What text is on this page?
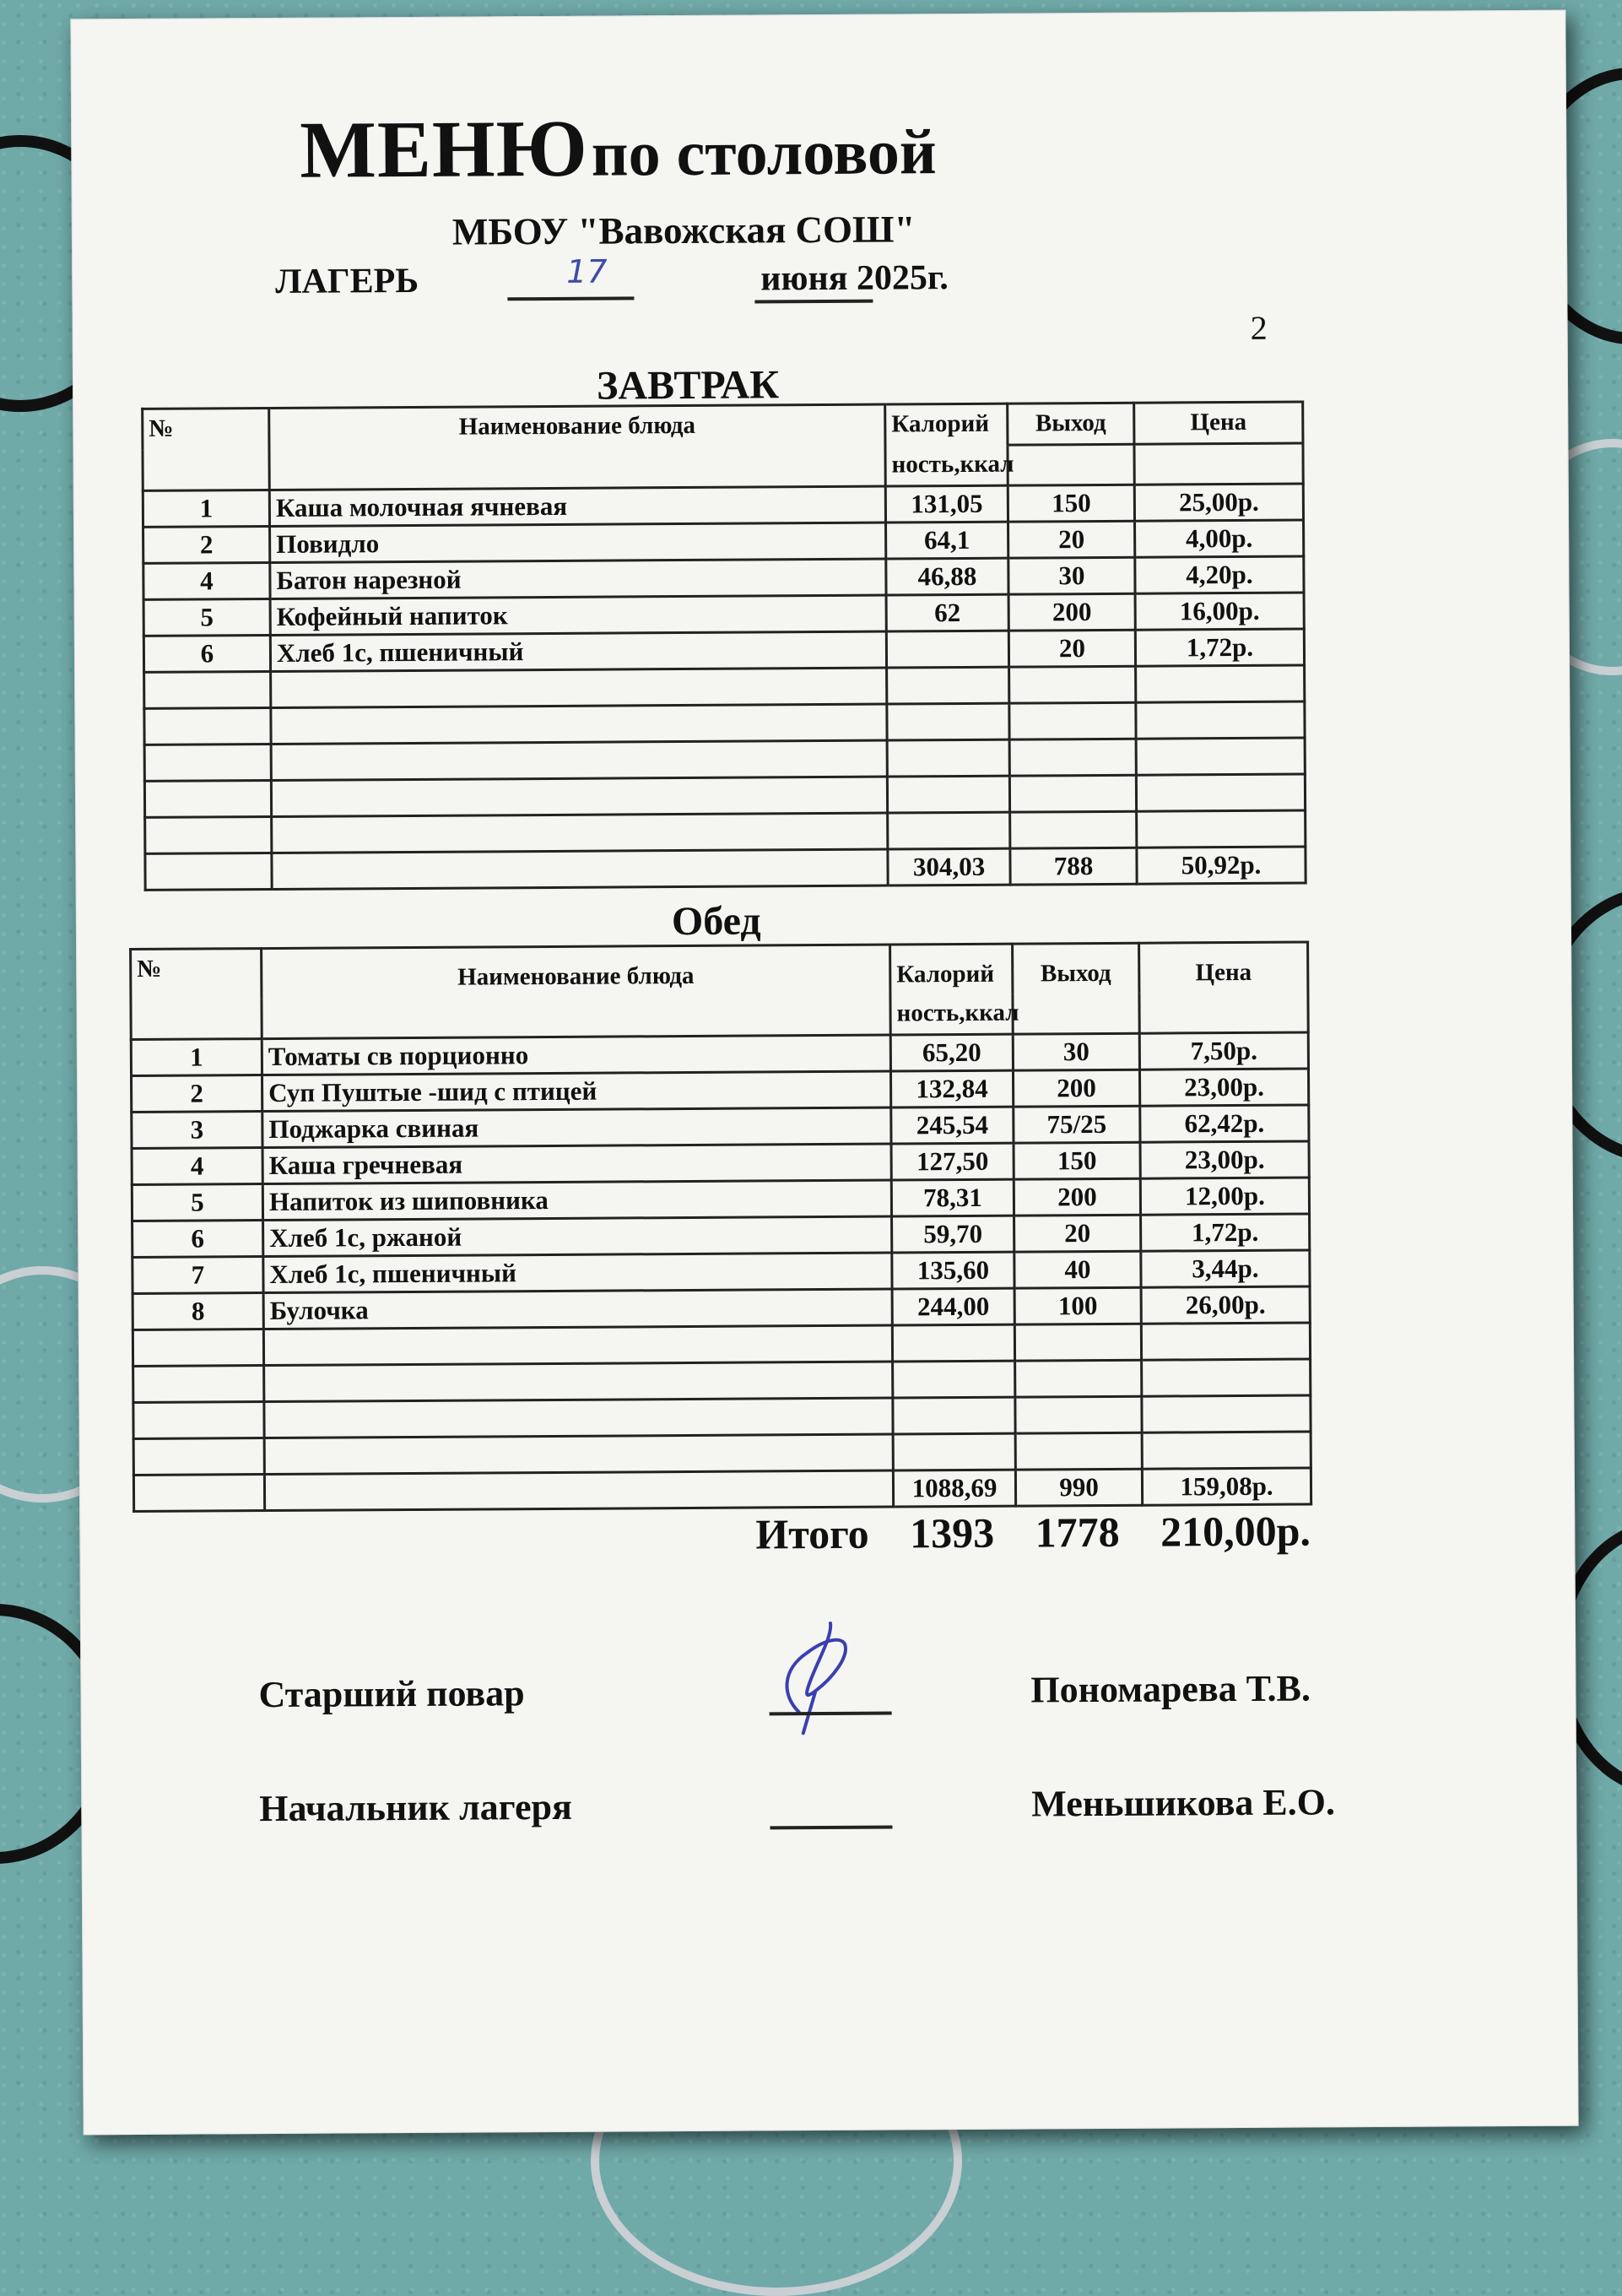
МЕНЮ по столовой
МБОУ "Вавожская СОШ"
ЛАГЕРЬ	17	июня 2025г.
2
ЗАВТРАК
№	Наименование блюда	Калорий	Выход	Цена
		ность,ккал		
1	Каша молочная ячневая	131,05	150	25,00р.
2	Повидло	64,1	20	4,00р.
4	Батон нарезной	46,88	30	4,20р.
5	Кофейный напиток	62	200	16,00р.
6	Хлеб 1с, пшеничный		20	1,72р.

		304,03	788	50,92р.
Обед
№	Наименование блюда	Калорий	Выход	Цена
		ность,ккал		
1	Томаты св порционно	65,20	30	7,50р.
2	Суп Пуштые -шид с птицей	132,84	200	23,00р.
3	Поджарка свиная	245,54	75/25	62,42р.
4	Каша гречневая	127,50	150	23,00р.
5	Напиток из шиповника	78,31	200	12,00р.
6	Хлеб 1с, ржаной	59,70	20	1,72р.
7	Хлеб 1с, пшеничный	135,60	40	3,44р.
8	Булочка	244,00	100	26,00р.

		1088,69	990	159,08р.
Итого 1393 1778 210,00р.
Старший повар	Пономарева Т.В.
Начальник лагеря	Меньшикова Е.О.
